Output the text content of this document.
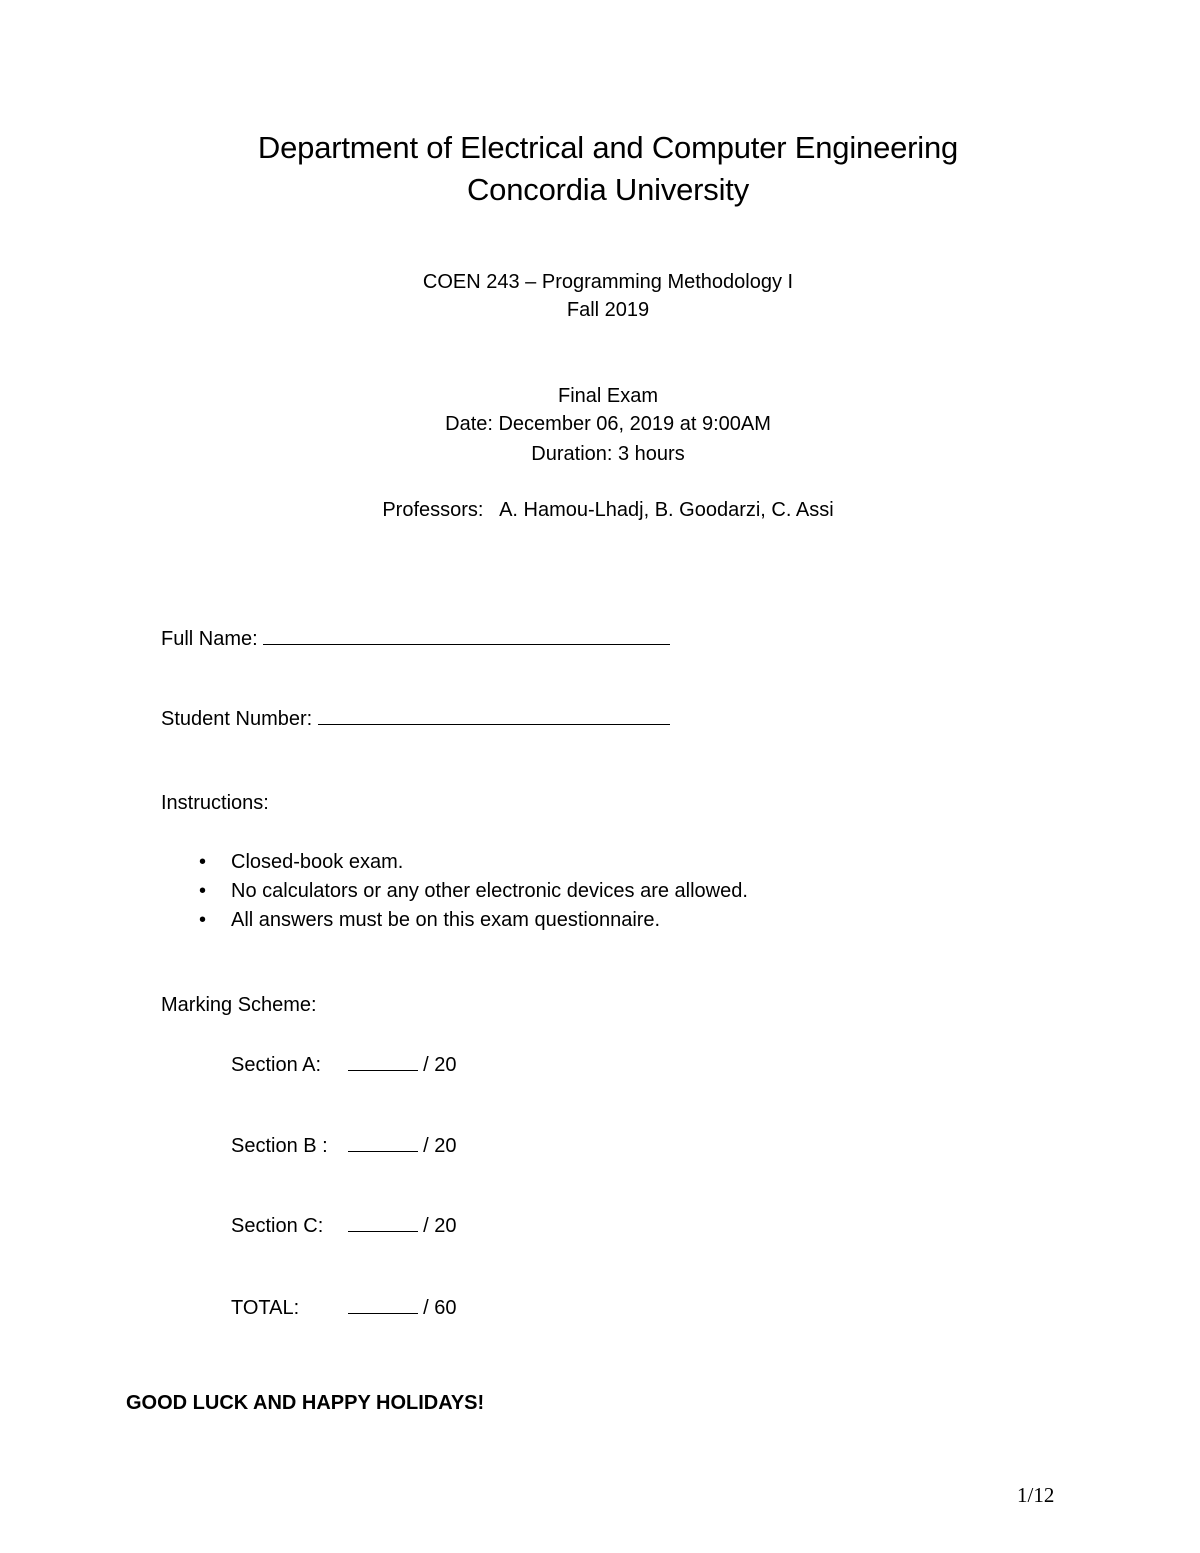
Department of Electrical and Computer Engineering
Concordia University
COEN 243 – Programming Methodology I
Fall 2019
Final Exam
Date: December 06, 2019 at 9:00AM
Duration: 3 hours
Professors: A. Hamou-Lhadj, B. Goodarzi, C. Assi
Full Name:
Student Number:
Instructions:
• Closed-book exam.
• No calculators or any other electronic devices are allowed.
• All answers must be on this exam questionnaire.
Marking Scheme:
Section A:	/ 20
Section B :	/ 20
Section C:	/ 20
TOTAL:	/ 60
GOOD LUCK AND HAPPY HOLIDAYS!
1/12
